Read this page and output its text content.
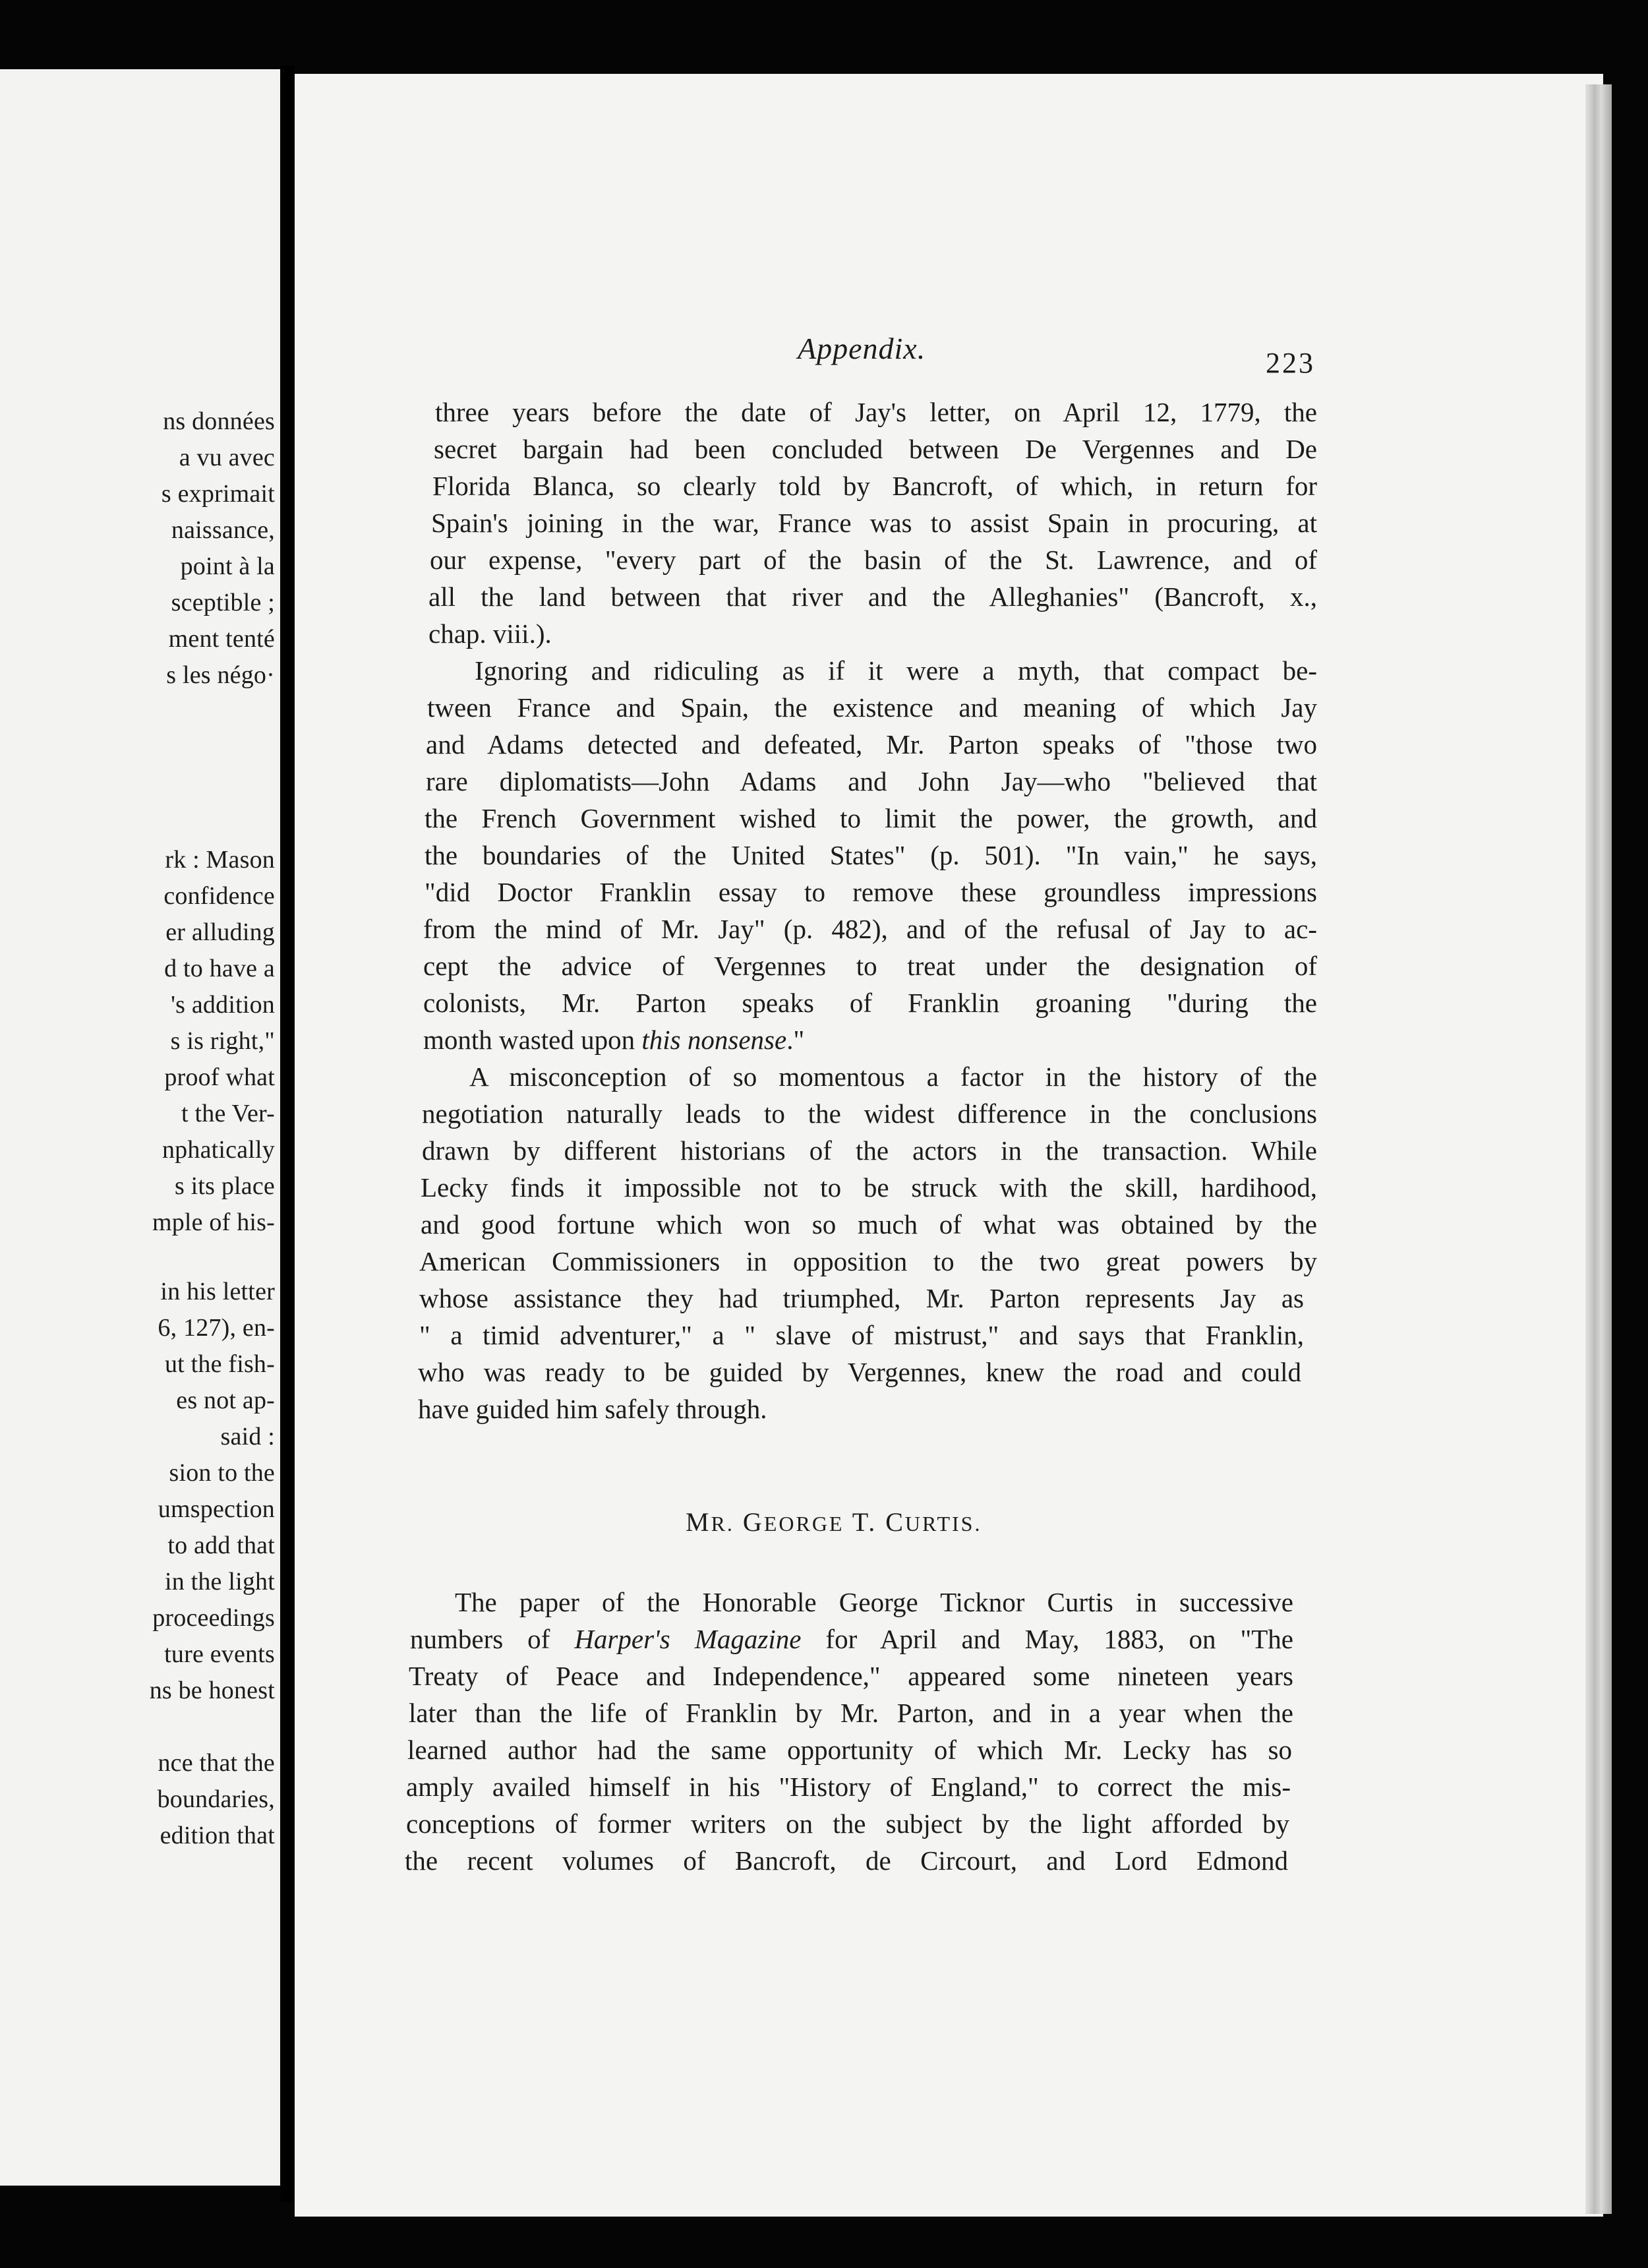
ns données
a vu avec
s exprimait
naissance,
point à la
sceptible ;
ment tenté
s les négo·
rk : Mason
confidence
er alluding
d to have a
's addition
s is right,"
proof what
t the Ver-
nphatically
s its place
mple of his-
in his letter
6, 127), en-
ut the fish-
es not ap-
said :
sion to the
umspection
to add that
in the light
proceedings
ture events
ns be honest
nce that the
boundaries,
edition that
Appendix.	223
three years before the date of Jay's letter, on April 12, 1779, the
secret bargain had been concluded between De Vergennes and De
Florida Blanca, so clearly told by Bancroft, of which, in return for
Spain's joining in the war, France was to assist Spain in procuring, at
our expense, "every part of the basin of the St. Lawrence, and of
all the land between that river and the Alleghanies" (Bancroft, x.,
chap. viii.).
Ignoring and ridiculing as if it were a myth, that compact be-
tween France and Spain, the existence and meaning of which Jay
and Adams detected and defeated, Mr. Parton speaks of "those two
rare diplomatists—John Adams and John Jay—who "believed that
the French Government wished to limit the power, the growth, and
the boundaries of the United States" (p. 501). "In vain," he says,
"did Doctor Franklin essay to remove these groundless impressions
from the mind of Mr. Jay" (p. 482), and of the refusal of Jay to ac-
cept the advice of Vergennes to treat under the designation of
colonists, Mr. Parton speaks of Franklin groaning "during the
month wasted upon this nonsense."
A misconception of so momentous a factor in the history of the
negotiation naturally leads to the widest difference in the conclusions
drawn by different historians of the actors in the transaction. While
Lecky finds it impossible not to be struck with the skill, hardihood,
and good fortune which won so much of what was obtained by the
American Commissioners in opposition to the two great powers by
whose assistance they had triumphed, Mr. Parton represents Jay as
" a timid adventurer," a " slave of mistrust," and says that Franklin,
who was ready to be guided by Vergennes, knew the road and could
have guided him safely through.
MR. GEORGE T. CURTIS.
The paper of the Honorable George Ticknor Curtis in successive
numbers of Harper's Magazine for April and May, 1883, on "The
Treaty of Peace and Independence," appeared some nineteen years
later than the life of Franklin by Mr. Parton, and in a year when the
learned author had the same opportunity of which Mr. Lecky has so
amply availed himself in his "History of England," to correct the mis-
conceptions of former writers on the subject by the light afforded by
the recent volumes of Bancroft, de Circourt, and Lord Edmond
